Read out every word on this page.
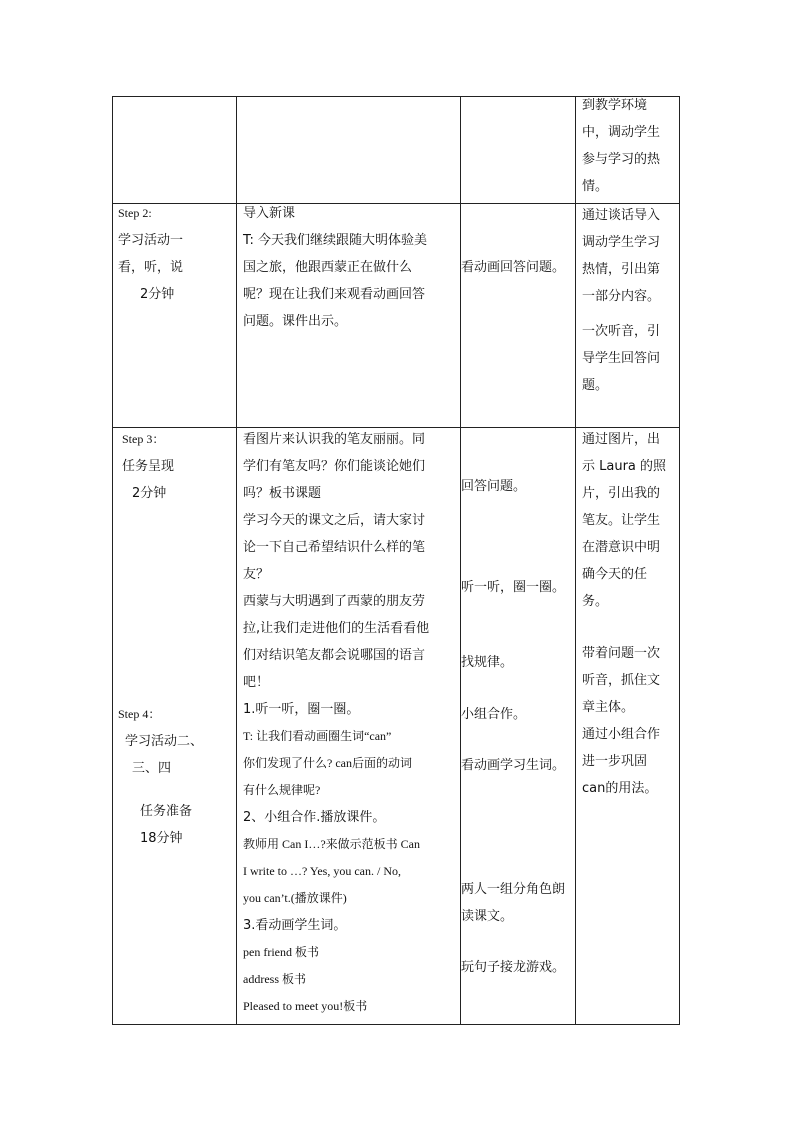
到教学环境
中，调动学生
参与学习的热
情。
Step 2:
学习活动一
看，听，说
2分钟
导入新课
T: 今天我们继续跟随大明体验美
国之旅，他跟西蒙正在做什么
呢？现在让我们来观看动画回答
问题。课件出示。
看动画回答问题。
通过谈话导入
调动学生学习
热情，引出第
一部分内容。
一次听音，引
导学生回答问
题。
Step 3：
任务呈现
2分钟
Step 4：
学习活动二、
三、四
任务准备
18分钟
看图片来认识我的笔友丽丽。同
学们有笔友吗？你们能谈论她们
吗？板书课题
学习今天的课文之后，请大家讨
论一下自己希望结识什么样的笔
友？
西蒙与大明遇到了西蒙的朋友劳
拉,让我们走进他们的生活看看他
们对结识笔友都会说哪国的语言
吧！
1.听一听，圈一圈。
T: 让我们看动画圈生词“can”
你们发现了什么? can后面的动词
有什么规律呢?
2、小组合作.播放课件。
教师用 Can I…?来做示范板书 Can
I write to …? Yes, you can. / No,
you can’t.(播放课件)
3.看动画学生词。
pen friend 板书
address 板书
Pleased to meet you!板书
回答问题。
听一听，圈一圈。
找规律。
小组合作。
看动画学习生词。
两人一组分角色朗
读课文。
玩句子接龙游戏。
通过图片，出
示 Laura 的照
片，引出我的
笔友。让学生
在潜意识中明
确今天的任
务。
带着问题一次
听音，抓住文
章主体。
通过小组合作
进一步巩固
can的用法。
